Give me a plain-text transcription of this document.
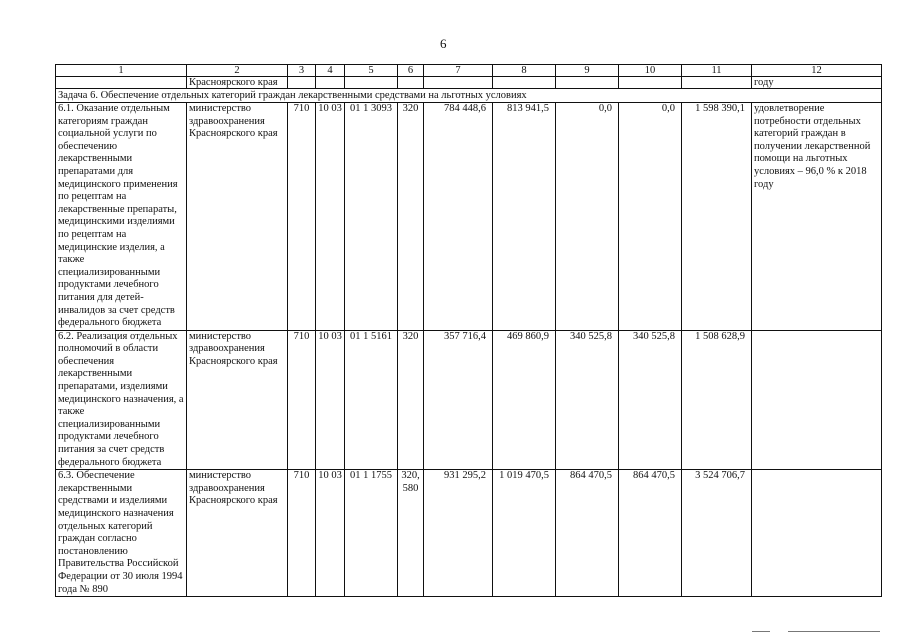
6
1	2	3	4	5	6	7	8	9	10	11	12
	Красноярского края										году
Задача 6. Обеспечение отдельных категорий граждан лекарственными средствами на льготных условиях											
6.1. Оказание отдельным категориям граждан социальной услуги по обеспечению лекарственными препаратами для медицинского применения по рецептам на лекарственные препараты, медицинскими изделиями по рецептам на медицинские изделия, а также специализированными продуктами лечебного питания для детей-инвалидов за счет средств федерального бюджета	министерство здравоохранения Красноярского края	710	10 03	01 1 3093	320	784 448,6	813 941,5	0,0	0,0	1 598 390,1	удовлетворение потребности отдельных категорий граждан в получении лекарственной помощи на льготных условиях – 96,0 % к 2018 году
6.2. Реализация отдельных полномочий в области обеспечения лекарственными препаратами, изделиями медицинского назначения, а также специализированными продуктами лечебного питания за счет средств федерального бюджета	министерство здравоохранения Красноярского края	710	10 03	01 1 5161	320	357 716,4	469 860,9	340 525,8	340 525,8	1 508 628,9	
6.3. Обеспечение лекарственными средствами и изделиями медицинского назначения отдельных категорий граждан согласно постановлению Правительства Российской Федерации от 30 июля 1994 года № 890	министерство здравоохранения Красноярского края	710	10 03	01 1 1755	320, 580	931 295,2	1 019 470,5	864 470,5	864 470,5	3 524 706,7	
